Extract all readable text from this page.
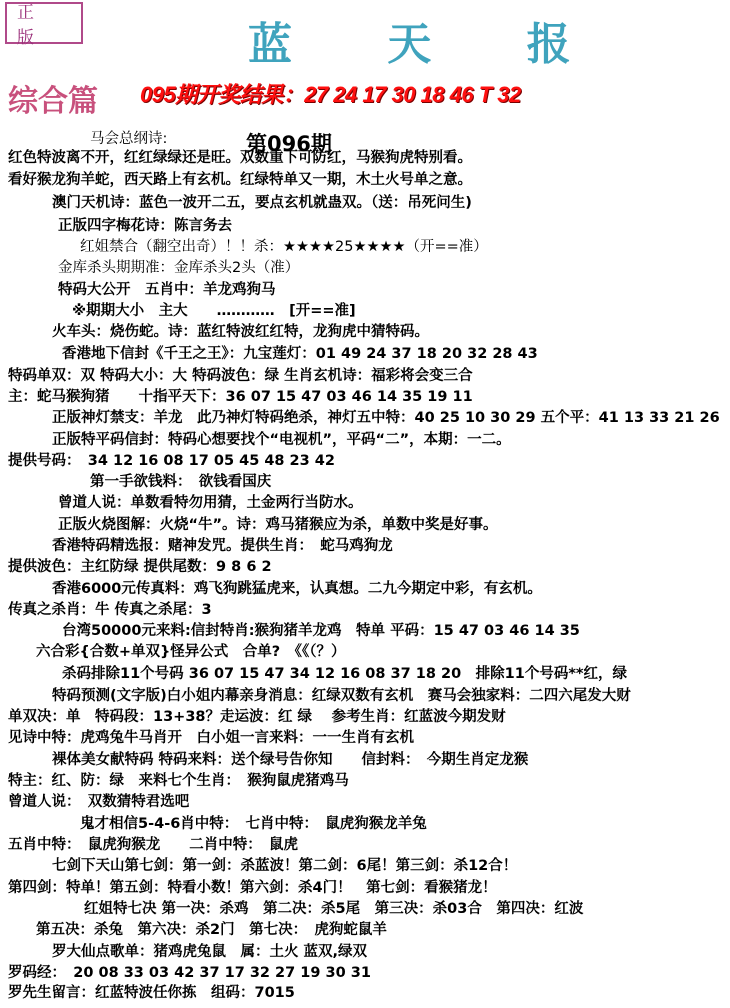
正 版	蓝 天 报
综合篇 095期开奖结果：27 24 17 30 18 46 T 32
第096期
马会总纲诗:
红色特波离不开，红红绿绿还是旺。双数重下可防红，马猴狗虎特别看。
看好猴龙狗羊蛇，西天路上有玄机。红绿特单又一期，木土火号单之意。
澳门天机诗：蓝色一波开二五，要点玄机就蛊双。（送：吊死问生)
正版四字梅花诗：陈言务去
红姐禁合（翻空出奇）！！杀：★★★★25★★★★（开==准）
金库杀头期期准：金库杀头2头（准）
特码大公开　五肖中：羊龙鸡狗马
※期期大小　主大　　…………　[开==准]
火车头：烧伤蛇。诗：蓝红特波红红特，龙狗虎中猜特码。
香港地下信封《千王之王》：九宝莲灯：01 49 24 37 18 20 32 28 43
特码单双：双 特码大小：大 特码波色：绿 生肖玄机诗：福彩将会变三合
主：蛇马猴狗猪　　十指平天下：36 07 15 47 03 46 14 35 19 11
正版神灯禁支：羊龙　此乃神灯特码绝杀，神灯五中特：40 25 10 30 29 五个平：41 13 33 21 26
正版特平码信封：特码心想要找个“电视机”，平码“二”，本期：一二。
提供号码：　34 12 16 08 17 05 45 48 23 42
第一手欲钱料：　欲钱看国庆
曾道人说：单数看特勿用猜，土金两行当防水。
正版火烧图解：火烧“牛”。诗：鸡马猪猴应为杀，单数中奖是好事。
香港特码精选报：赌神发咒。提供生肖：　蛇马鸡狗龙
提供波色：主红防绿 提供尾数：9 8 6 2
香港6000元传真料：鸡飞狗跳猛虎来，认真想。二九今期定中彩，有玄机。
传真之杀肖：牛 传真之杀尾：3
台湾50000元来料:信封特肖:猴狗猪羊龙鸡　特单 平码：15 47 03 46 14 35
六合彩{合数+单双}怪异公式　合单?　《《（？）
杀码排除11个号码 36 07 15 47 34 12 16 08 37 18 20　排除11个号码**红，绿
特码预测(文字版)白小姐内幕亲身消息：红绿双数有玄机　赛马会独家料：二四六尾发大财
单双决：单　特码段：13+38？走运波：红 绿　 参考生肖：红蓝波今期发财
见诗中特：虎鸡兔牛马肖开　白小姐一言来料：一一生肖有玄机
裸体美女献特码 特码来料：送个绿号告你知　　信封料：　今期生肖定龙猴
特主：红、防：绿　来料七个生肖：　猴狗鼠虎猪鸡马
曾道人说：　双数猜特君选吧
鬼才相信5-4-6肖中特：　七肖中特：　鼠虎狗猴龙羊兔
五肖中特：　鼠虎狗猴龙　　二肖中特：　鼠虎
七剑下天山第七剑：第一剑：杀蓝波！第二剑：6尾！第三剑：杀12合！
第四剑：特单！第五剑：特看小数！第六剑：杀4门！　第七剑：看猴猪龙！
红姐特七决 第一决：杀鸡　第二决：杀5尾　第三决：杀03合　第四决：红波
第五决：杀兔　第六决：杀2门　第七决：　虎狗蛇鼠羊
罗大仙点歌单：猪鸡虎兔鼠　属：土火 蓝双,绿双
罗码经：　20 08 33 03 42 37 17 32 27 19 30 31
罗先生留言：红蓝特波任你拣　组码：7015
